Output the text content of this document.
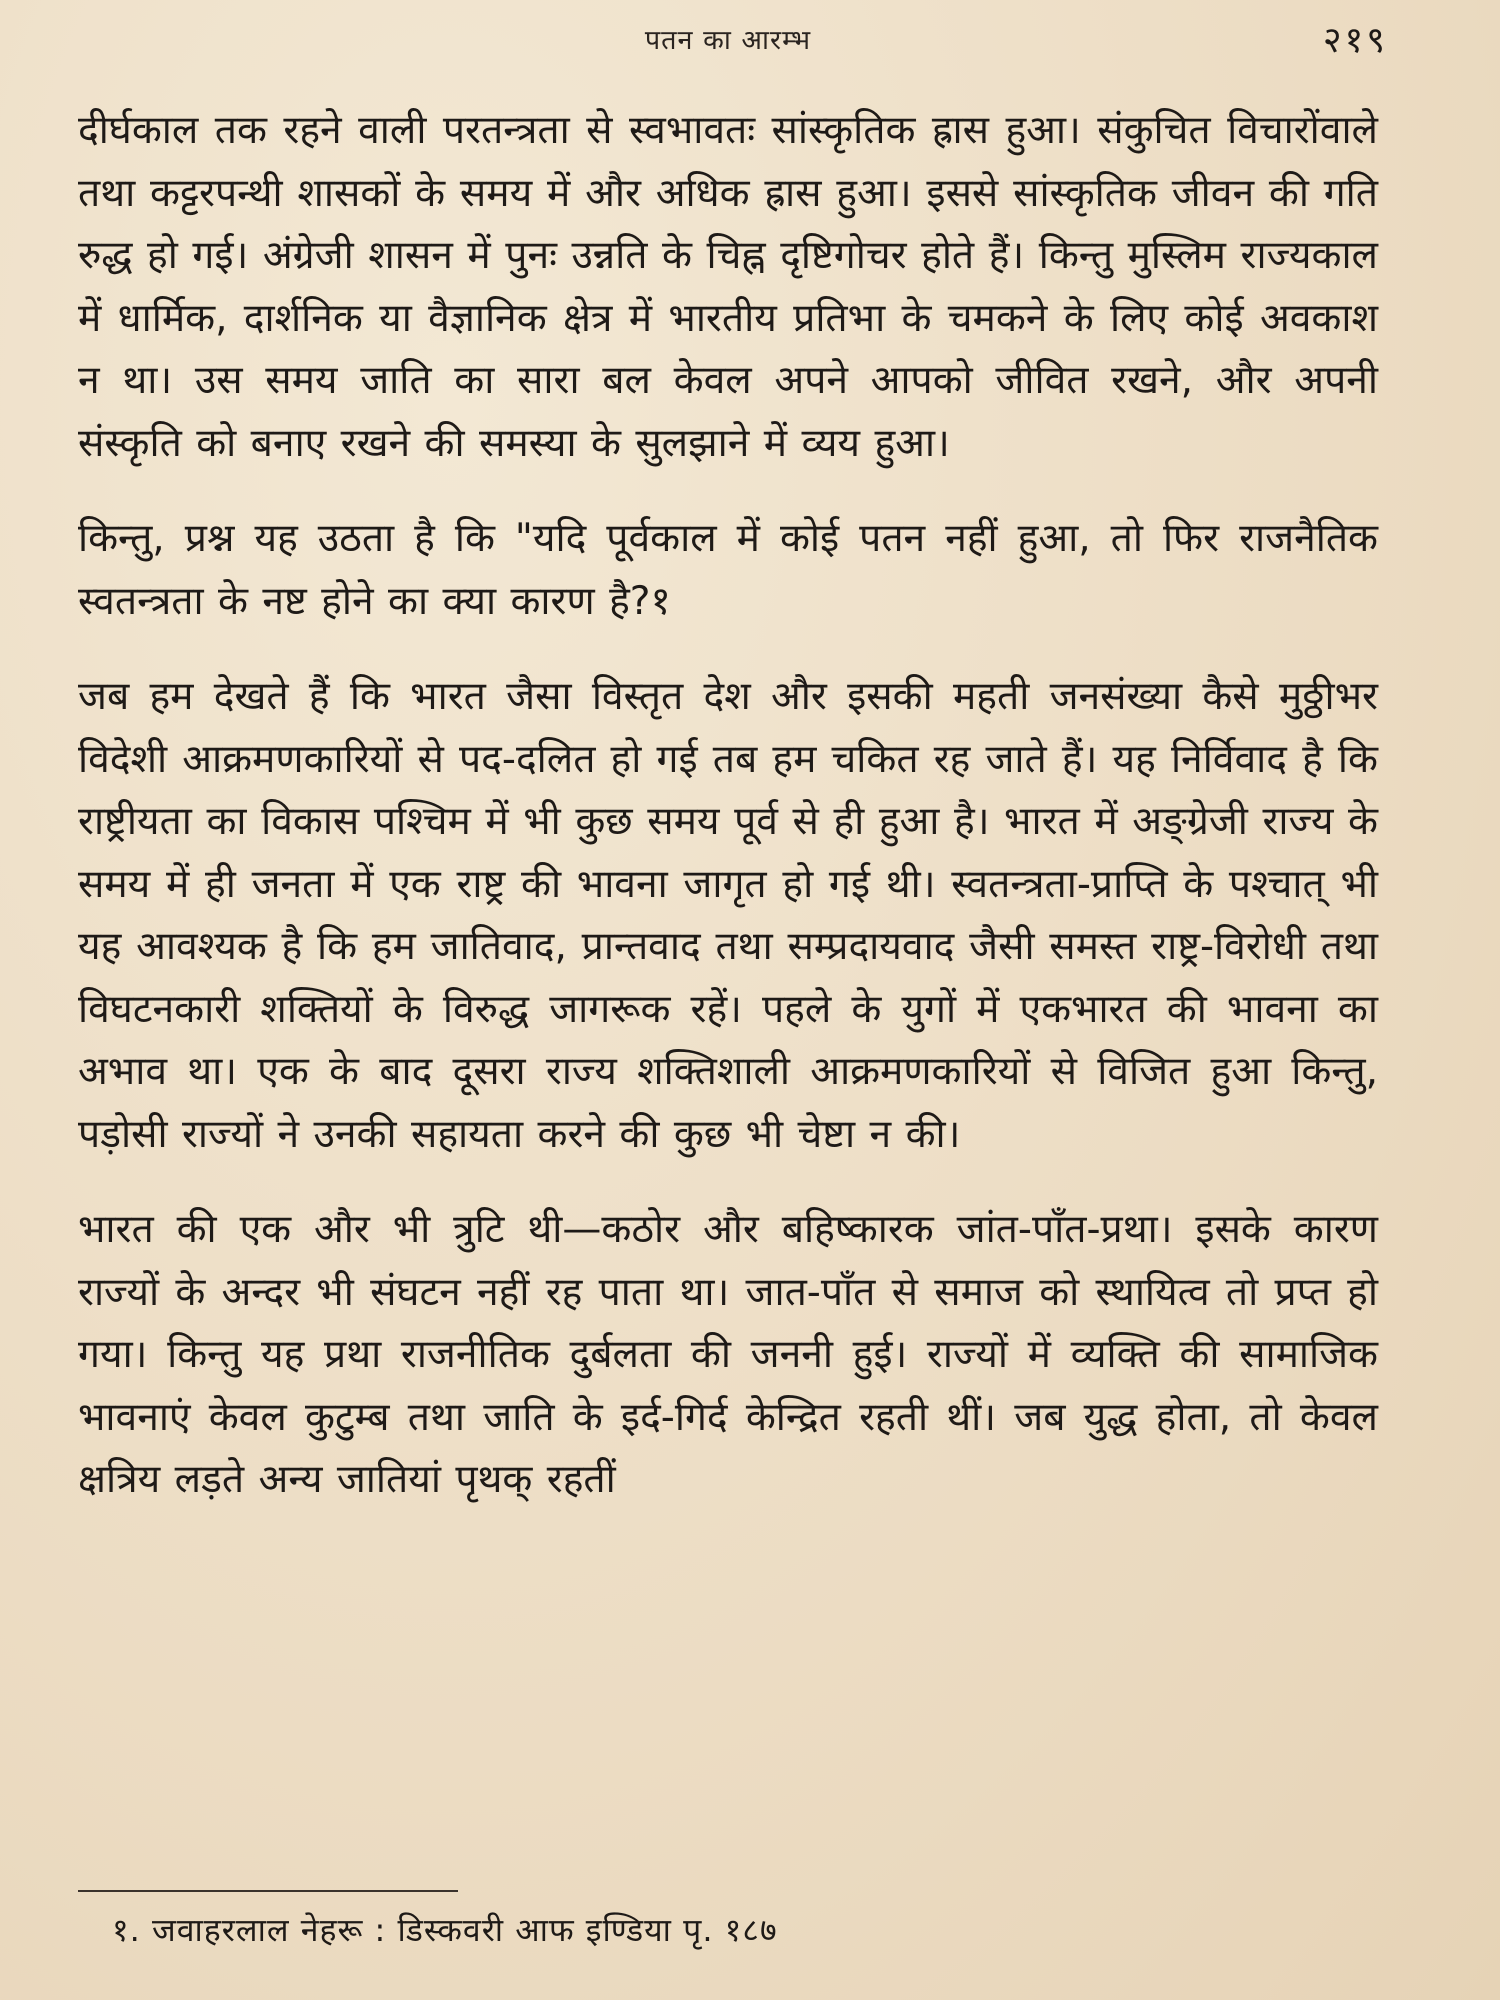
पतन का आरम्भ	२१९

दीर्घकाल तक रहने वाली परतन्त्रता से स्वभावतः सांस्कृतिक ह्रास हुआ। संकुचित विचारोंवाले तथा कट्टरपन्थी शासकों के समय में और अधिक ह्रास हुआ। इससे सांस्कृतिक जीवन की गति रुद्ध हो गई। अंग्रेजी शासन में पुनः उन्नति के चिह्न दृष्टिगोचर होते हैं। किन्तु मुस्लिम राज्यकाल में धार्मिक, दार्शनिक या वैज्ञानिक क्षेत्र में भारतीय प्रतिभा के चमकने के लिए कोई अवकाश न था। उस समय जाति का सारा बल केवल अपने आपको जीवित रखने, और अपनी संस्कृति को बनाए रखने की समस्या के सुलझाने में व्यय हुआ।

किन्तु, प्रश्न यह उठता है कि "यदि पूर्वकाल में कोई पतन नहीं हुआ, तो फिर राजनैतिक स्वतन्त्रता के नष्ट होने का क्या कारण है?१

जब हम देखते हैं कि भारत जैसा विस्तृत देश और इसकी महती जनसंख्या कैसे मुठ्ठीभर विदेशी आक्रमणकारियों से पद-दलित हो गई तब हम चकित रह जाते हैं। यह निर्विवाद है कि राष्ट्रीयता का विकास पश्चिम में भी कुछ समय पूर्व से ही हुआ है। भारत में अङ्ग्रेजी राज्य के समय में ही जनता में एक राष्ट्र की भावना जागृत हो गई थी। स्वतन्त्रता-प्राप्ति के पश्चात् भी यह आवश्यक है कि हम जातिवाद, प्रान्तवाद तथा सम्प्रदायवाद जैसी समस्त राष्ट्र-विरोधी तथा विघटनकारी शक्तियों के विरुद्ध जागरूक रहें। पहले के युगों में एकभारत की भावना का अभाव था। एक के बाद दूसरा राज्य शक्तिशाली आक्रमणकारियों से विजित हुआ किन्तु, पड़ोसी राज्यों ने उनकी सहायता करने की कुछ भी चेष्टा न की।

भारत की एक और भी त्रुटि थी—कठोर और बहिष्कारक जांत-पाँत-प्रथा। इसके कारण राज्यों के अन्दर भी संघटन नहीं रह पाता था। जात-पाँत से समाज को स्थायित्व तो प्रप्त हो गया। किन्तु यह प्रथा राजनीतिक दुर्बलता की जननी हुई। राज्यों में व्यक्ति की सामाजिक भावनाएं केवल कुटुम्ब तथा जाति के इर्द-गिर्द केन्द्रित रहती थीं। जब युद्ध होता, तो केवल क्षत्रिय लड़ते अन्य जातियां पृथक् रहतीं

१. जवाहरलाल नेहरू : डिस्कवरी आफ इण्डिया पृ. १८७
